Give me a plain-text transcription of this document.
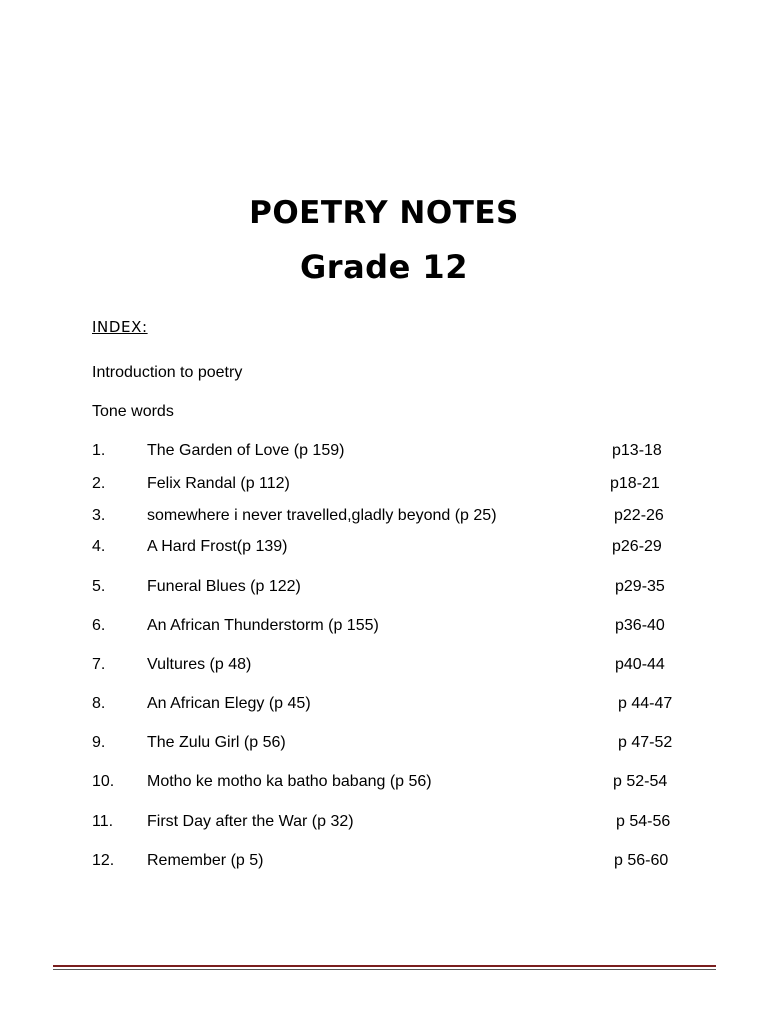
POETRY NOTES
Grade 12
INDEX:
Introduction to poetry
Tone words
1.	The Garden of Love (p 159)	p13-18
2.	Felix Randal (p 112)	p18-21
3.	somewhere i never travelled,gladly beyond (p 25)	p22-26
4.	A Hard Frost(p 139)	p26-29
5.	Funeral Blues (p 122)	p29-35
6.	An African Thunderstorm (p 155)	p36-40
7.	Vultures (p 48)	p40-44
8.	An African Elegy (p 45)	p 44-47
9.	The Zulu Girl (p 56)	p 47-52
10. Motho ke motho ka batho babang (p 56)	p 52-54
11. First Day after the War (p 32)	p 54-56
12. Remember (p 5)	p 56-60
